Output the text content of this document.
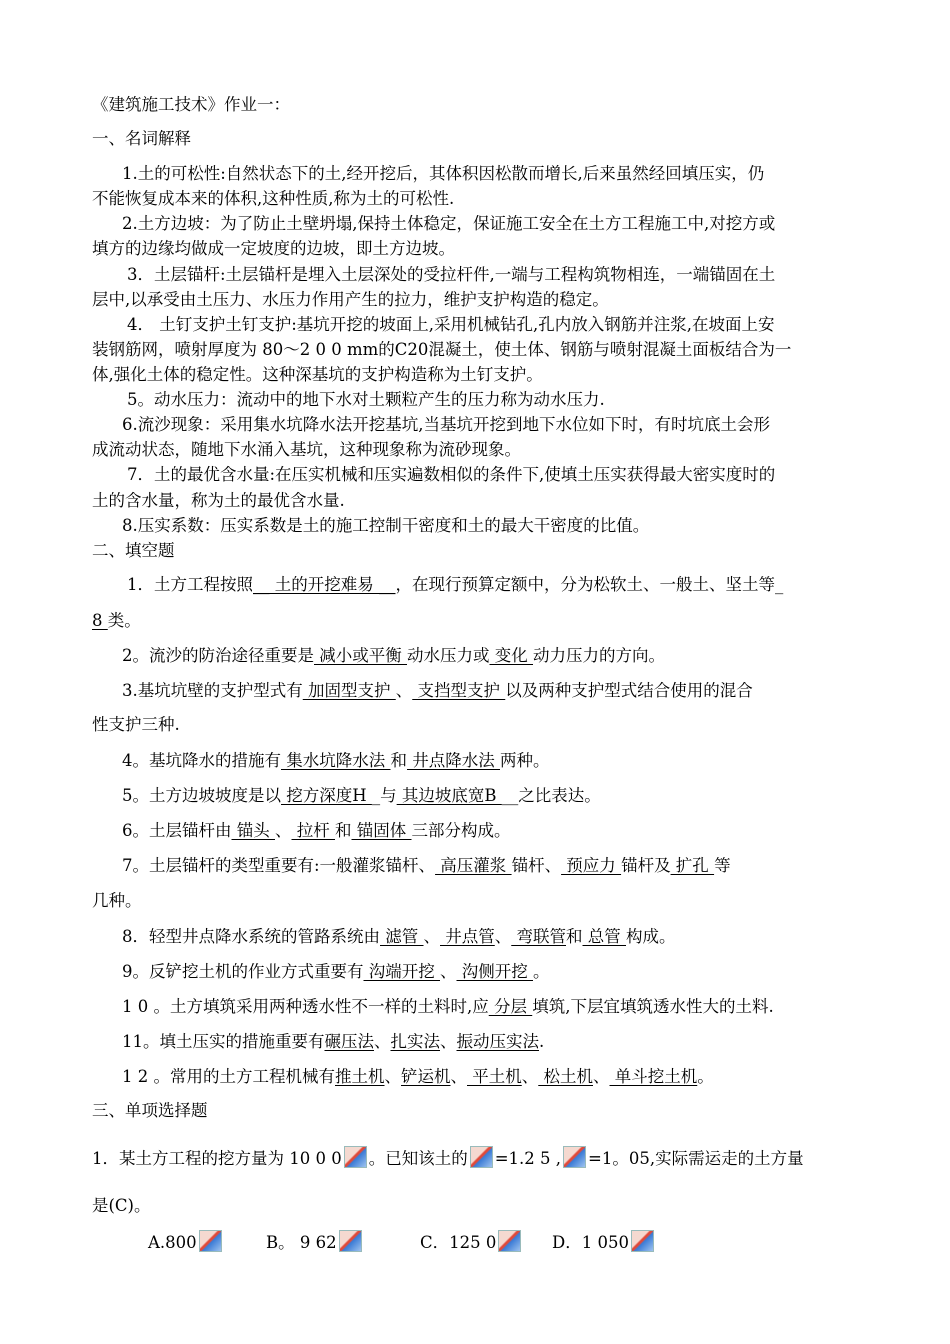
《建筑施工技术》作业一：
一、名词解释
1.土的可松性:自然状态下的土,经开挖后，其体积因松散而增长,后来虽然经回填压实，仍
不能恢复成本来的体积,这种性质,称为土的可松性.
2.土方边坡：为了防止土壁坍塌,保持土体稳定，保证施工安全在土方工程施工中,对挖方或
填方的边缘均做成一定坡度的边坡，即土方边坡。
3．土层锚杆:土层锚杆是埋入土层深处的受拉杆件,一端与工程构筑物相连，一端锚固在土
层中,以承受由土压力、水压力作用产生的拉力，维护支护构造的稳定。
4． 土钉支护土钉支护:基坑开挖的坡面上,采用机械钻孔,孔内放入钢筋并注浆,在坡面上安
装钢筋网，喷射厚度为 80～2 0 0 mm的C20混凝土，使土体、钢筋与喷射混凝土面板结合为一
体,强化土体的稳定性。这种深基坑的支护构造称为土钉支护。
5。动水压力：流动中的地下水对土颗粒产生的压力称为动水压力.
6.流沙现象：采用集水坑降水法开挖基坑,当基坑开挖到地下水位如下时，有时坑底土会形
成流动状态，随地下水涌入基坑，这种现象称为流砂现象。
7．土的最优含水量:在压实机械和压实遍数相似的条件下,使填土压实获得最大密实度时的
土的含水量，称为土的最优含水量.
8.压实系数：压实系数是土的施工控制干密度和土的最大干密度的比值。
二、填空题
1．土方工程按照__ 土的开挖难易 __，在现行预算定额中，分为松软土、一般土、坚土等_
8 类。
2。流沙的防治途径重要是 减小或平衡 动水压力或 变化 动力压力的方向。
3.基坑坑壁的支护型式有 加固型支护 、 支挡型支护 以及两种支护型式结合使用的混合
性支护三种.
4。基坑降水的措施有 集水坑降水法 和 井点降水法 两种。
5。土方边坡坡度是以 挖方深度H _与 其边坡底宽B __之比表达。
6。土层锚杆由 锚头 、 拉杆 和 锚固体 三部分构成。
7。土层锚杆的类型重要有:一般灌浆锚杆、 高压灌浆 锚杆、 预应力 锚杆及 扩孔 等
几种。
8．轻型井点降水系统的管路系统由 滤管 、 井点管、 弯联管和 总管 构成。
9。反铲挖土机的作业方式重要有 沟端开挖 、 沟侧开挖 。
1 0 。土方填筑采用两种透水性不一样的土料时,应 分层 填筑,下层宜填筑透水性大的土料.
11。填土压实的措施重要有碾压法、扎实法、振动压实法.
1 2 。常用的土方工程机械有推土机、铲运机、 平土机、 松土机、 单斗挖土机。
三、单项选择题
1．某土方工程的挖方量为 10 0 0 。已知该土的 =1.2 5 , =1。05,实际需运走的土方量
是(C)。
A.800	B。 9 62	C．125 0	D．1 050
